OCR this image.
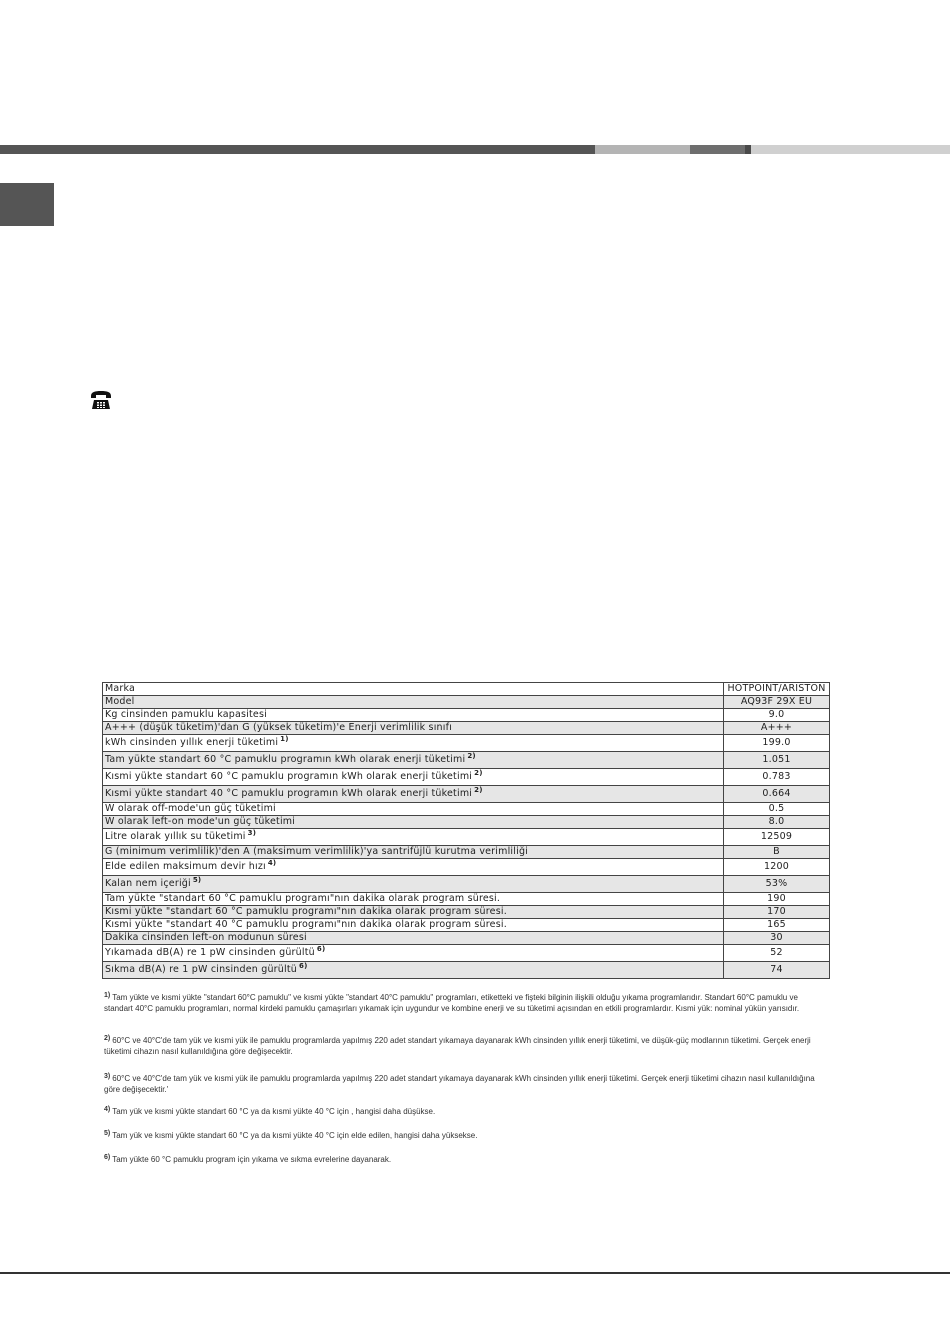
Marka	HOTPOINT/ARISTON
Model	AQ93F 29X EU
Kg cinsinden pamuklu kapasitesi	9.0
A+++ (düşük tüketim)'dan G (yüksek tüketim)'e Enerji verimlilik sınıfı	A+++
kWh cinsinden yıllık enerji tüketimi $^{1)}$	199.0
Tam yükte standart 60 °C pamuklu programın kWh olarak enerji tüketimi $^{2)}$	1.051
Kısmi yükte standart 60 °C pamuklu programın kWh olarak enerji tüketimi $^{2)}$	0.783
Kısmi yükte standart 40 °C pamuklu programın kWh olarak enerji tüketimi $^{2)}$	0.664
W olarak off-mode'un güç tüketimi	0.5
W olarak left-on mode'un güç tüketimi	8.0
Litre olarak yıllık su tüketimi $^{3)}$	12509
G (minimum verimlilik)'den A (maksimum verimlilik)'ya santrifüjlü kurutma verimliliği	B
Elde edilen maksimum devir hızı $^{4)}$	1200
Kalan nem içeriği $^{5)}$	53%
Tam yükte "standart 60 °C pamuklu programı"nın dakika olarak program süresi.	190
Kısmi yükte "standart 60 °C pamuklu programı"nın dakika olarak program süresi.	170
Kısmi yükte "standart 40 °C pamuklu programı"nın dakika olarak program süresi.	165
Dakika cinsinden left-on modunun süresi	30
Yıkamada dB(A) re 1 pW cinsinden gürültü $^{6)}$	52
Sıkma dB(A) re 1 pW cinsinden gürültü $^{6)}$	74
$^{1)}$ Tam yükte ve kısmi yükte "standart 60°C pamuklu" ve kısmi yükte "standart 40°C pamuklu" programları, etiketteki ve fişteki bilginin ilişkili olduğu yıkama programlarıdır. Standart 60°C pamuklu ve standart 40°C pamuklu programları, normal kirdeki pamuklu çamaşırları yıkamak için uygundur ve kombine enerji ve su tüketimi açısından en etkili programlardır. Kısmi yük: nominal yükün yarısıdır.
$^{2)}$ 60°C ve 40°C'de tam yük ve kısmi yük ile pamuklu programlarda yapılmış 220 adet standart yıkamaya dayanarak kWh cinsinden yıllık enerji tüketimi, ve düşük-güç modlarının tüketimi. Gerçek enerji tüketimi cihazın nasıl kullanıldığına göre değişecektir.
$^{3)}$ 60°C ve 40°C'de tam yük ve kısmi yük ile pamuklu programlarda yapılmış 220 adet standart yıkamaya dayanarak kWh cinsinden yıllık enerji tüketimi. Gerçek enerji tüketimi cihazın nasıl kullanıldığına göre değişecektir.'
$^{4)}$ Tam yük ve kısmi yükte standart 60 °C ya da kısmi yükte 40 °C için , hangisi daha düşükse.
$^{5)}$ Tam yük ve kısmi yükte standart 60 °C ya da kısmi yükte 40 °C için elde edilen, hangisi daha yüksekse.
$^{6)}$ Tam yükte 60 °C pamuklu program için yıkama ve sıkma evrelerine dayanarak.
